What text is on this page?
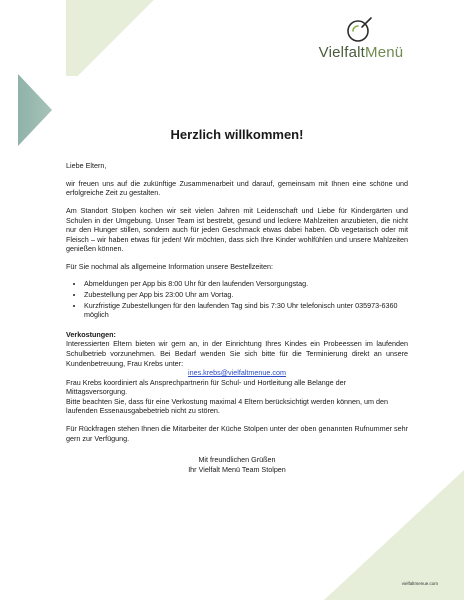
VielfaltMenü
Herzlich willkommen!
Liebe Eltern,
wir freuen uns auf die zukünftige Zusammenarbeit und darauf, gemeinsam mit Ihnen eine schöne und erfolgreiche Zeit zu gestalten.
Am Standort Stolpen kochen wir seit vielen Jahren mit Leidenschaft und Liebe für Kindergärten und Schulen in der Umgebung. Unser Team ist bestrebt, gesund und leckere Mahlzeiten anzubieten, die nicht nur den Hunger stillen, sondern auch für jeden Geschmack etwas dabei haben. Ob vegetarisch oder mit Fleisch – wir haben etwas für jeden! Wir möchten, dass sich Ihre Kinder wohlfühlen und unsere Mahlzeiten genießen können.
Für Sie nochmal als allgemeine Information unsere Bestellzeiten:
• Abmeldungen per App bis 8:00 Uhr für den laufenden Versorgungstag.
• Zubestellung per App bis 23:00 Uhr am Vortag.
• Kurzfristige Zubestellungen für den laufenden Tag sind bis 7:30 Uhr telefonisch unter 035973-6360 möglich
Verkostungen:
Interessierten Eltern bieten wir gern an, in der Einrichtung Ihres Kindes ein Probeessen im laufenden Schulbetrieb vorzunehmen. Bei Bedarf wenden Sie sich bitte für die Terminierung direkt an unsere Kundenbetreuung, Frau Krebs unter:
ines.krebs@vielfaltmenue.com
Frau Krebs koordiniert als Ansprechpartnerin für Schul- und Hortleitung alle Belange der Mittagsversorgung.
Bitte beachten Sie, dass für eine Verkostung maximal 4 Eltern berücksichtigt werden können, um den laufenden Essenausgabebetrieb nicht zu stören.
Für Rückfragen stehen Ihnen die Mitarbeiter der Küche Stolpen unter der oben genannten Rufnummer sehr gern zur Verfügung.
Mit freundlichen Grüßen
Ihr Vielfalt Menü Team Stolpen
vielfaltmenue.com
